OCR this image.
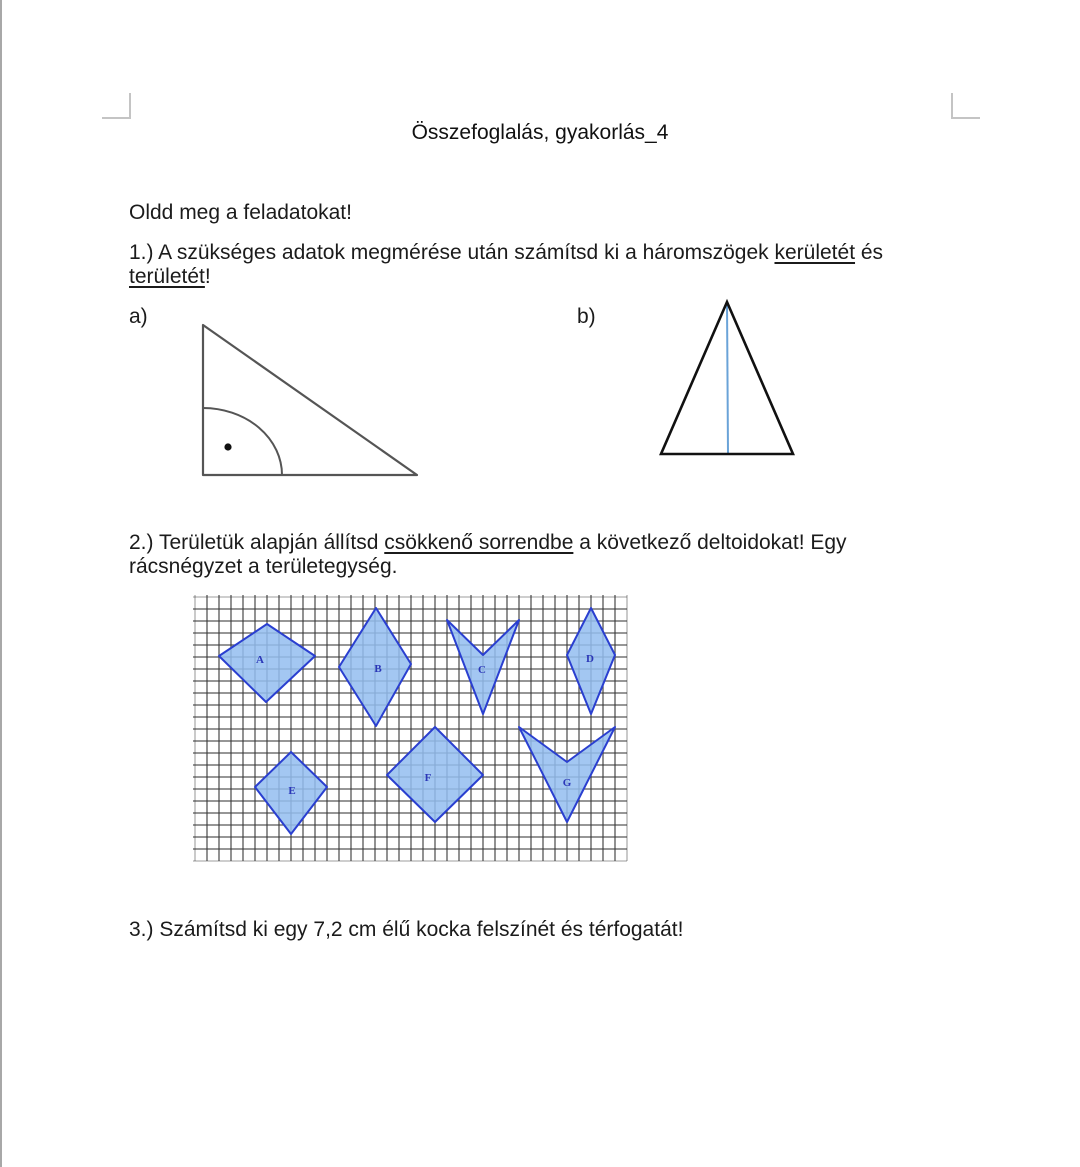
Összefoglalás, gyakorlás_4
Oldd meg a feladatokat!
1.) A szükséges adatok megmérése után számítsd ki a háromszögek kerületét és
területét!
a)	b)
2.) Területük alapján állítsd csökkenő sorrendbe a következő deltoidokat! Egy
rácsnégyzet a területegység.
A
B	C
D
E
F	G
3.) Számítsd ki egy 7,2 cm élű kocka felszínét és térfogatát!
